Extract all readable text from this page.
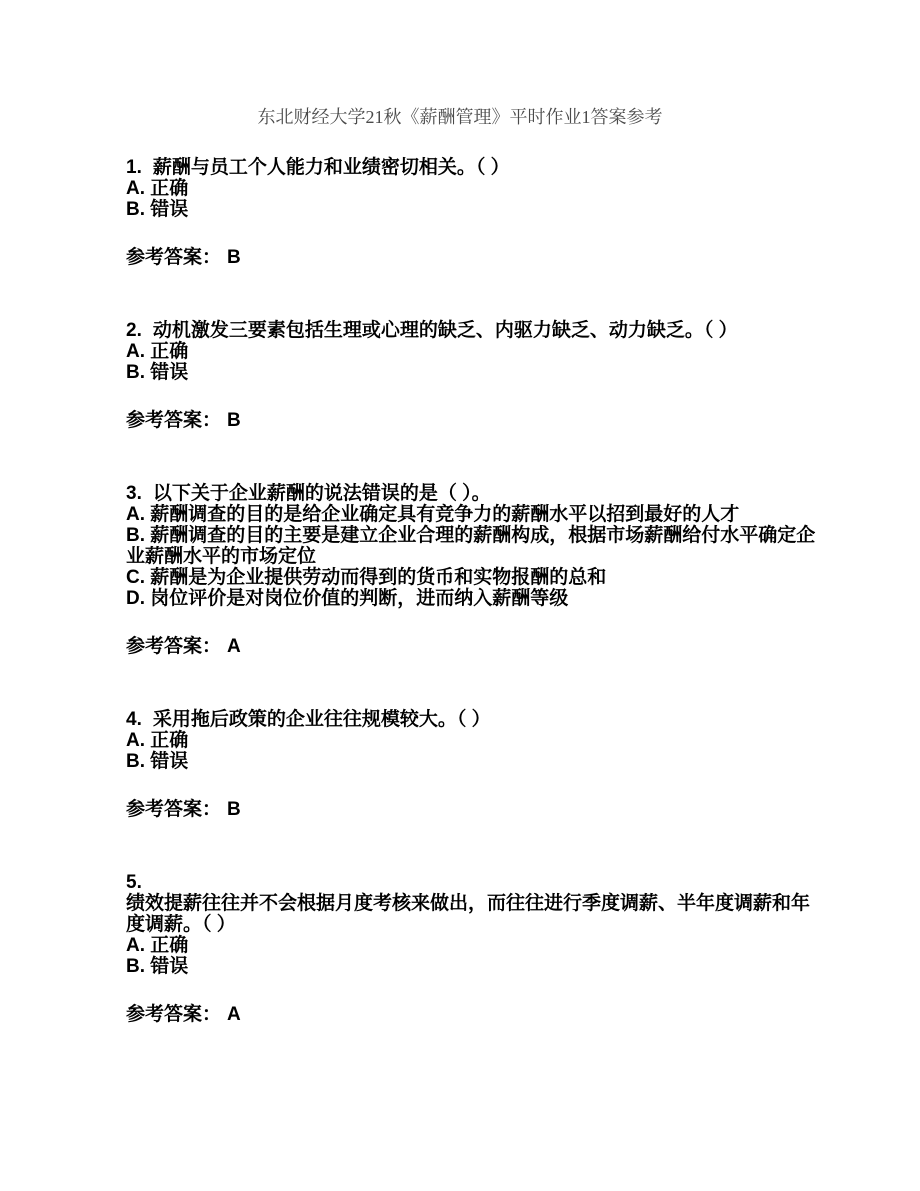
东北财经大学21秋《薪酬管理》平时作业1答案参考

1. 薪酬与员工个人能力和业绩密切相关。（ ）

A. 正确

B. 错误

参考答案： B

2. 动机激发三要素包括生理或心理的缺乏、内驱力缺乏、动力缺乏。（ ）

A. 正确

B. 错误

参考答案： B

3. 以下关于企业薪酬的说法错误的是（ ）。

A. 薪酬调查的目的是给企业确定具有竞争力的薪酬水平以招到最好的人才

B. 薪酬调查的目的主要是建立企业合理的薪酬构成，根据市场薪酬给付水平确定企业薪酬水平的市场定位

C. 薪酬是为企业提供劳动而得到的货币和实物报酬的总和

D. 岗位评价是对岗位价值的判断，进而纳入薪酬等级

参考答案： A

4. 采用拖后政策的企业往往规模较大。（ ）

A. 正确

B. 错误

参考答案： B

5.

绩效提薪往往并不会根据月度考核来做出，而往往进行季度调薪、半年度调薪和年度调薪。（ ）

A. 正确

B. 错误

参考答案： A
